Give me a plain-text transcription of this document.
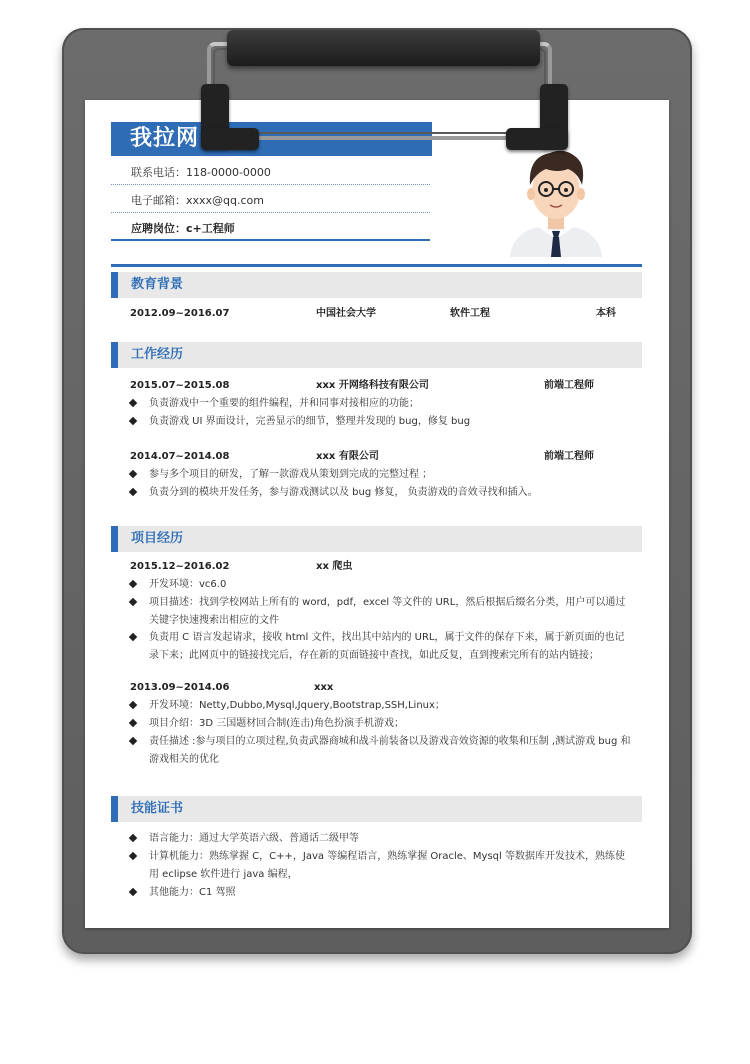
我拉网
联系电话：118-0000-0000
电子邮箱：xxxx@qq.com
应聘岗位：c+工程师
教育背景
2012.09~2016.07	中国社会大学	软件工程	本科
工作经历
2015.07~2015.08	xxx 开网络科技有限公司	前端工程师
负责游戏中一个重要的组件编程，并和同事对接相应的功能；
负责游戏 UI 界面设计，完善显示的细节，整理并发现的 bug，修复 bug
2014.07~2014.08	xxx 有限公司	前端工程师
参与多个项目的研发，了解一款游戏从策划到完成的完整过程 ；
负责分到的模块开发任务，参与游戏测试以及 bug 修复， 负责游戏的音效寻找和插入。
项目经历
2015.12~2016.02	xx 爬虫
开发环境：vc6.0
项目描述：找到学校网站上所有的 word，pdf，excel 等文件的 URL，然后根据后缀名分类，用户可以通过关键字快速搜索出相应的文件
负责用 C 语言发起请求，接收 html 文件，找出其中站内的 URL，属于文件的保存下来，属于新页面的也记录下来；此网页中的链接找完后，存在新的页面链接中查找，如此反复，直到搜索完所有的站内链接；
2013.09~2014.06	xxx
开发环境：Netty,Dubbo,Mysql,Jquery,Bootstrap,SSH,Linux；
项目介绍：3D 三国题材回合制(连击)角色扮演手机游戏；
责任描述 :参与项目的立项过程,负责武器商城和战斗前装备以及游戏音效资源的收集和压制 ,测试游戏 bug 和游戏相关的优化
技能证书
语言能力：通过大学英语六级、普通话二级甲等
计算机能力：熟练掌握 C，C++，Java 等编程语言，熟练掌握 Oracle、Mysql 等数据库开发技术，熟练使用 eclipse 软件进行 java 编程，
其他能力：C1 驾照
